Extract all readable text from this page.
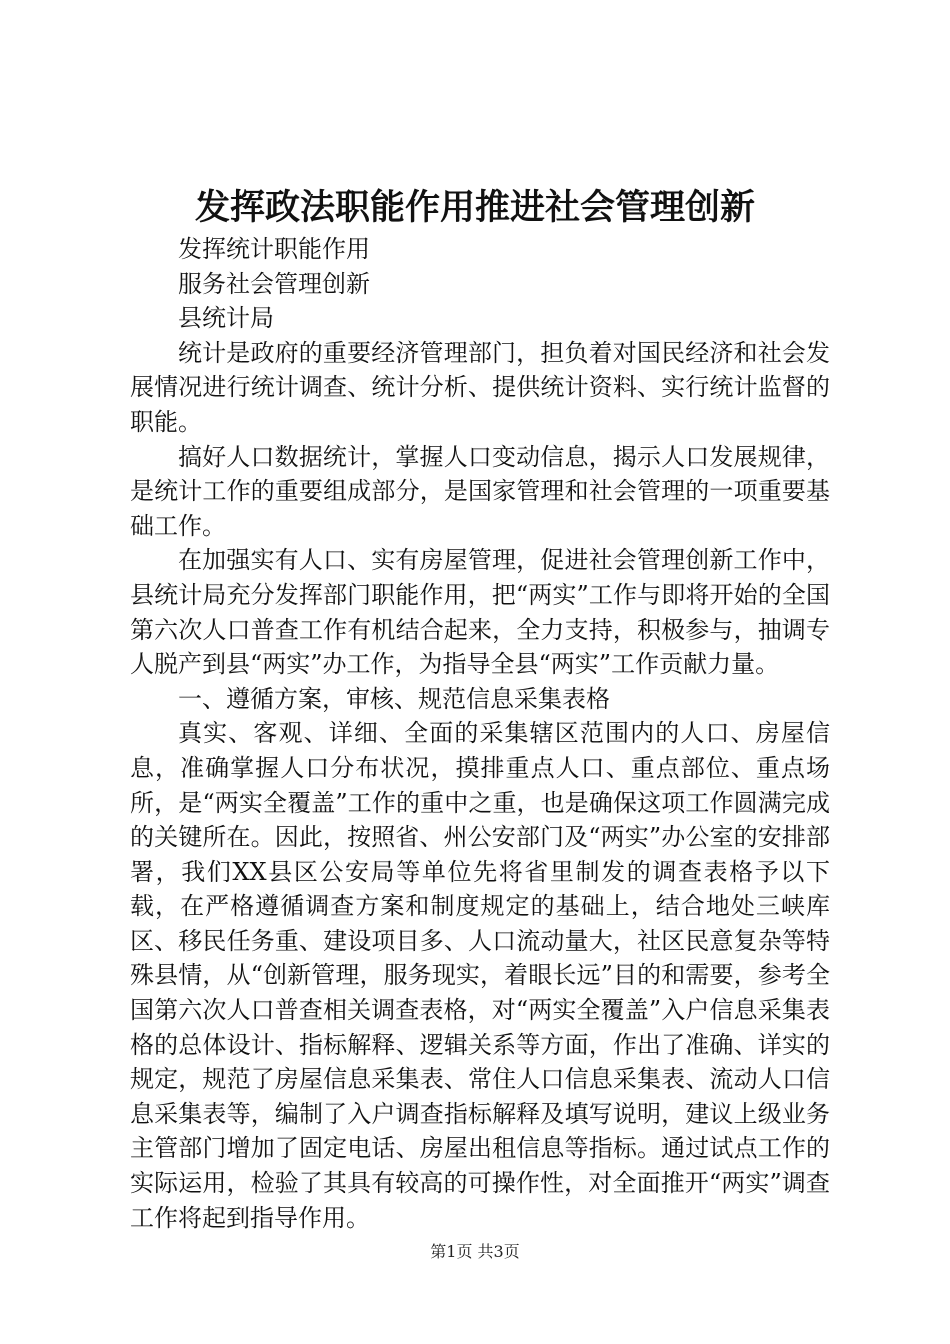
发挥政法职能作用推进社会管理创新

发挥统计职能作用

服务社会管理创新

县统计局

统计是政府的重要经济管理部门，担负着对国民经济和社会发展情况进行统计调查、统计分析、提供统计资料、实行统计监督的职能。

搞好人口数据统计，掌握人口变动信息，揭示人口发展规律，是统计工作的重要组成部分，是国家管理和社会管理的一项重要基础工作。

在加强实有人口、实有房屋管理，促进社会管理创新工作中，县统计局充分发挥部门职能作用，把“两实”工作与即将开始的全国第六次人口普查工作有机结合起来，全力支持，积极参与，抽调专人脱产到县“两实”办工作，为指导全县“两实”工作贡献力量。

一、遵循方案，审核、规范信息采集表格

真实、客观、详细、全面的采集辖区范围内的人口、房屋信息，准确掌握人口分布状况，摸排重点人口、重点部位、重点场所，是“两实全覆盖”工作的重中之重，也是确保这项工作圆满完成的关键所在。因此，按照省、州公安部门及“两实”办公室的安排部署，我们XX县区公安局等单位先将省里制发的调查表格予以下载，在严格遵循调查方案和制度规定的基础上，结合地处三峡库区、移民任务重、建设项目多、人口流动量大，社区民意复杂等特殊县情，从“创新管理，服务现实，着眼长远”目的和需要，参考全国第六次人口普查相关调查表格，对“两实全覆盖”入户信息采集表格的总体设计、指标解释、逻辑关系等方面，作出了准确、详实的规定，规范了房屋信息采集表、常住人口信息采集表、流动人口信息采集表等，编制了入户调查指标解释及填写说明，建议上级业务主管部门增加了固定电话、房屋出租信息等指标。通过试点工作的实际运用，检验了其具有较高的可操作性，对全面推开“两实”调查工作将起到指导作用。

第1页 共3页
